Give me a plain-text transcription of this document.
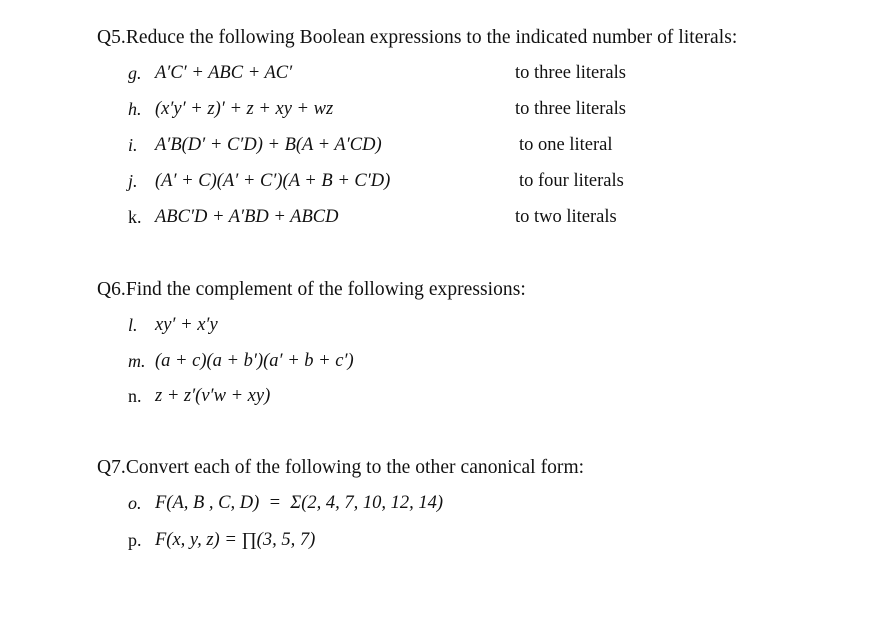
Q5.Reduce the following Boolean expressions to the indicated number of literals:
g. A′C′ + ABC + AC′	to three literals
h. (x′y′ + z)′ + z + xy + wz	to three literals
i. A′B(D′ + C′D) + B(A + A′CD)	to one literal
j. (A′ + C)(A′ + C′)(A + B + C′D)	to four literals
k. ABC′D + A′BD + ABCD	to two literals
Q6.Find the complement of the following expressions:
l. xy′ + x′y
m. (a + c)(a + b′)(a′ + b + c′)
n. z + z′(v′w + xy)
Q7.Convert each of the following to the other canonical form:
o. F(A, B , C, D)  =  Σ(2, 4, 7, 10, 12, 14)
p. F(x, y, z) = ∏(3, 5, 7)
